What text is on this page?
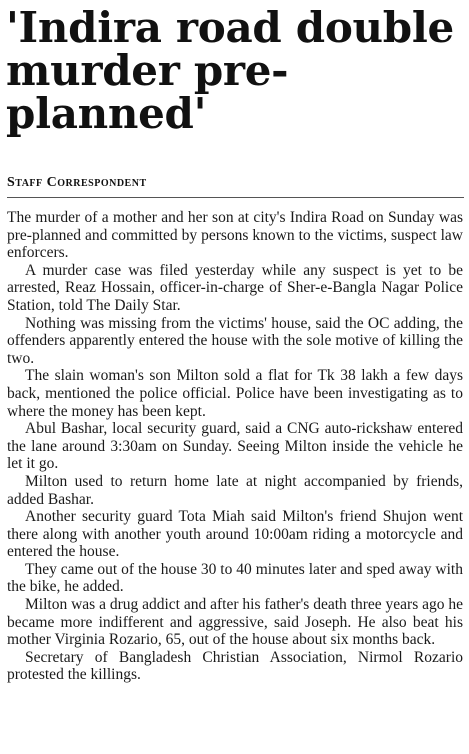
'Indira road double murder pre-planned'
Staff Correspondent

The murder of a mother and her son at city's Indira Road on Sunday was pre-planned and committed by persons known to the victims, suspect law enforcers.

A murder case was filed yesterday while any suspect is yet to be arrested, Reaz Hossain, officer-in-charge of Sher-e-Bangla Nagar Police Station, told The Daily Star.

Nothing was missing from the victims' house, said the OC adding, the offenders apparently entered the house with the sole motive of killing the two.

The slain woman's son Milton sold a flat for Tk 38 lakh a few days back, mentioned the police official. Police have been investigating as to where the money has been kept.

Abul Bashar, local security guard, said a CNG auto-rickshaw entered the lane around 3:30am on Sunday. Seeing Milton inside the vehicle he let it go.

Milton used to return home late at night accompanied by friends, added Bashar.

Another security guard Tota Miah said Milton's friend Shujon went there along with another youth around 10:00am riding a motorcycle and entered the house.

They came out of the house 30 to 40 minutes later and sped away with the bike, he added.

Milton was a drug addict and after his father's death three years ago he became more indifferent and aggressive, said Joseph. He also beat his mother Virginia Rozario, 65, out of the house about six months back.

Secretary of Bangladesh Christian Association, Nirmol Rozario protested the killings.
